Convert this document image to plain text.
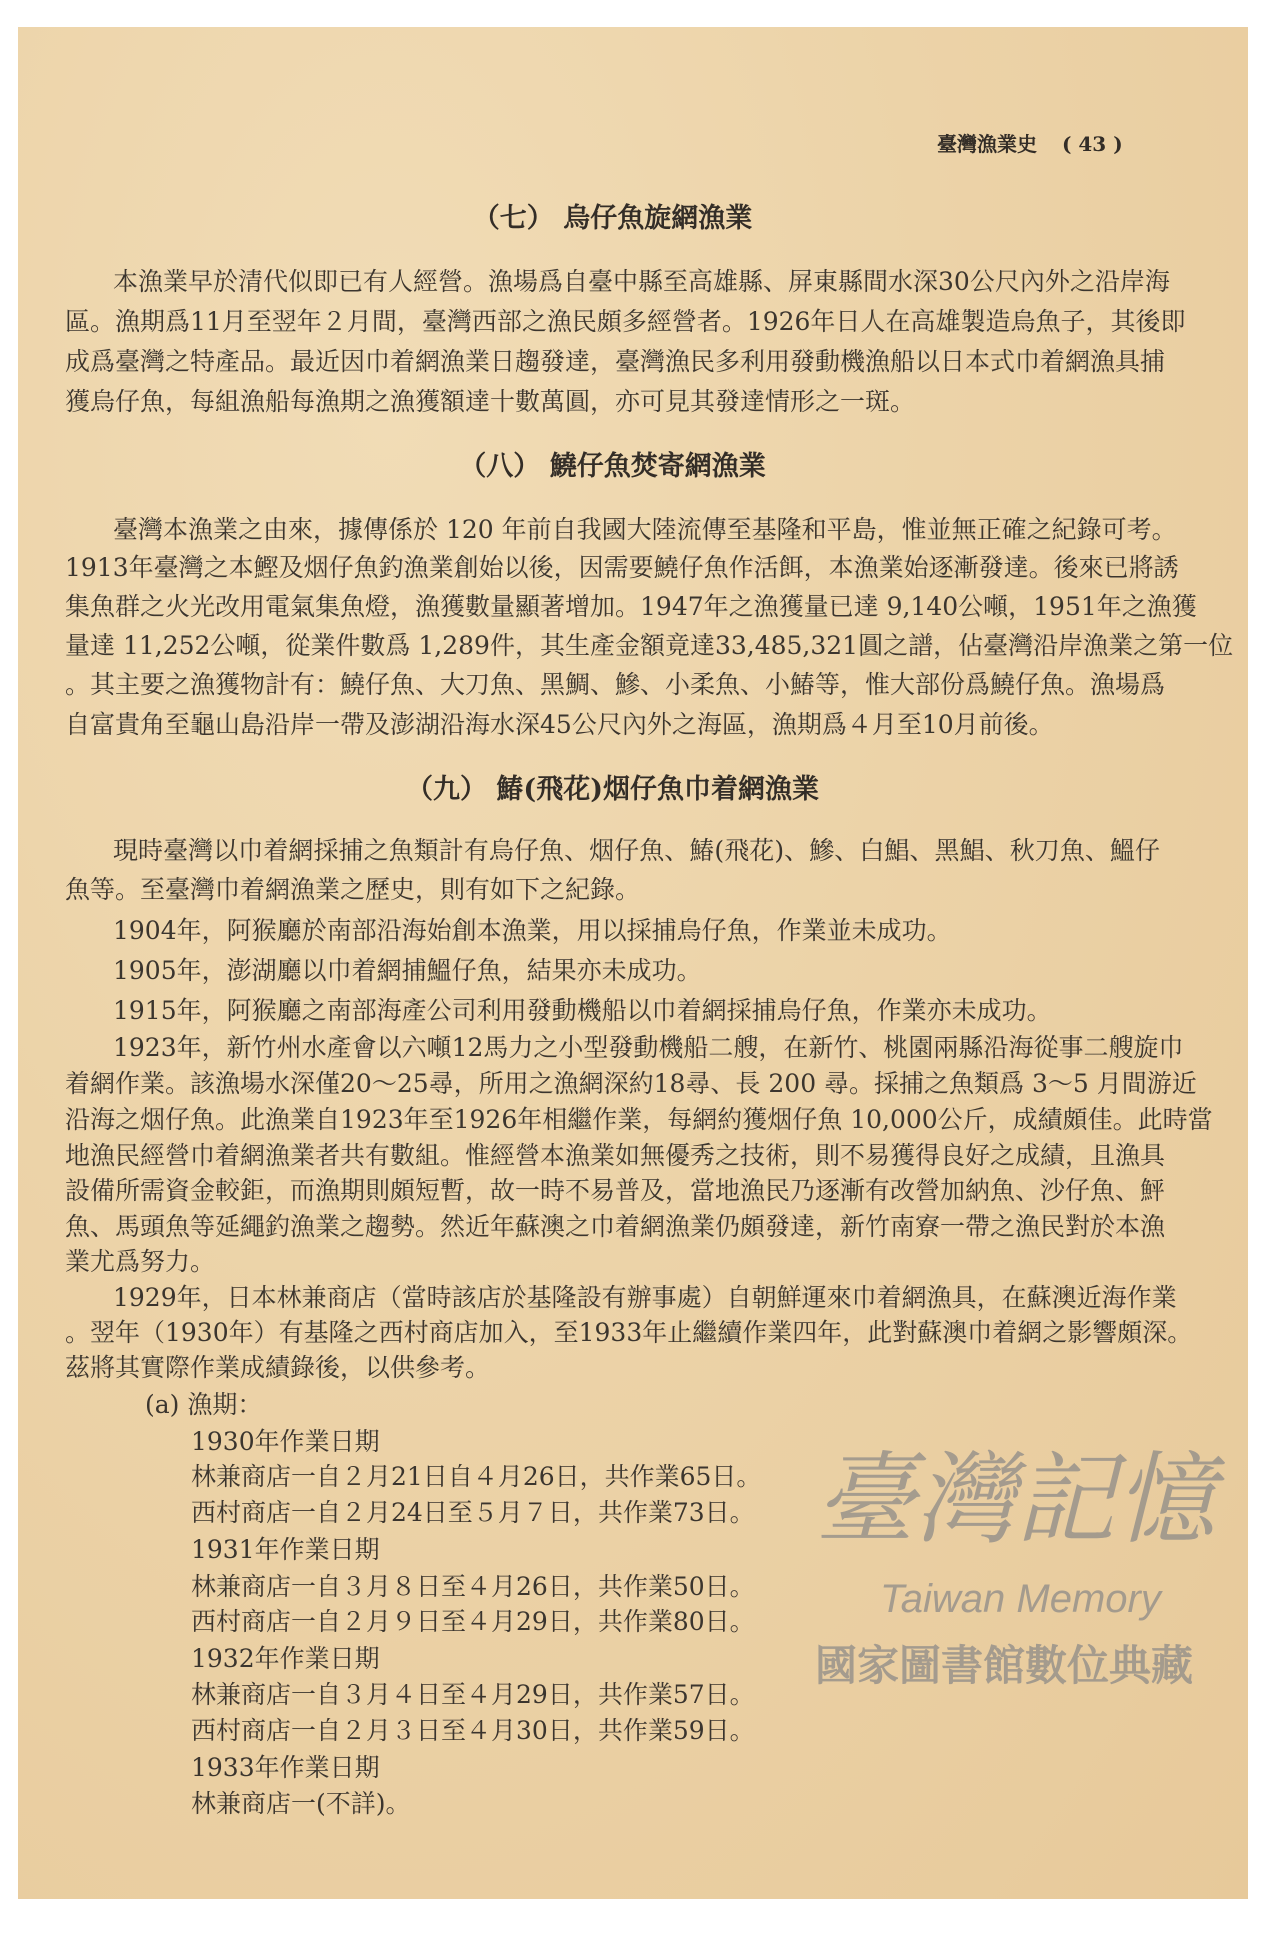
臺灣漁業史 ( 43 )
（七） 烏仔魚旋網漁業
本漁業早於清代似即已有人經營。漁場爲自臺中縣至高雄縣、屏東縣間水深30公尺內外之沿岸海
區。漁期爲11月至翌年２月間，臺灣西部之漁民頗多經營者。1926年日人在高雄製造烏魚子，其後即
成爲臺灣之特產品。最近因巾着網漁業日趨發達，臺灣漁民多利用發動機漁船以日本式巾着網漁具捕
獲烏仔魚，每組漁船每漁期之漁獲額達十數萬圓，亦可見其發達情形之一斑。
（八） 鱙仔魚焚寄網漁業
臺灣本漁業之由來，據傳係於 120 年前自我國大陸流傳至基隆和平島，惟並無正確之紀錄可考。
1913年臺灣之本鰹及烟仔魚釣漁業創始以後，因需要鱙仔魚作活餌，本漁業始逐漸發達。後來已將誘
集魚群之火光改用電氣集魚燈，漁獲數量顯著增加。1947年之漁獲量已達 9,140公噸，1951年之漁獲
量達 11,252公噸，從業件數爲 1,289件，其生產金額竟達33,485,321圓之譜，佔臺灣沿岸漁業之第一位
。其主要之漁獲物計有：鱙仔魚、大刀魚、黑鯛、鰺、小柔魚、小鰆等，惟大部份爲鱙仔魚。漁場爲
自富貴角至龜山島沿岸一帶及澎湖沿海水深45公尺內外之海區，漁期爲４月至10月前後。
（九） 鰆(飛花)烟仔魚巾着網漁業
現時臺灣以巾着網採捕之魚類計有烏仔魚、烟仔魚、鰆(飛花)、鰺、白鯧、黑鯧、秋刀魚、鰮仔
魚等。至臺灣巾着網漁業之歷史，則有如下之紀錄。
1904年，阿猴廳於南部沿海始創本漁業，用以採捕烏仔魚，作業並未成功。
1905年，澎湖廳以巾着網捕鰮仔魚，結果亦未成功。
1915年，阿猴廳之南部海產公司利用發動機船以巾着網採捕烏仔魚，作業亦未成功。
1923年，新竹州水產會以六噸12馬力之小型發動機船二艘，在新竹、桃園兩縣沿海從事二艘旋巾
着網作業。該漁場水深僅20～25尋，所用之漁網深約18尋、長 200 尋。採捕之魚類爲 3～5 月間游近
沿海之烟仔魚。此漁業自1923年至1926年相繼作業，每網約獲烟仔魚 10,000公斤，成績頗佳。此時當
地漁民經營巾着網漁業者共有數組。惟經營本漁業如無優秀之技術，則不易獲得良好之成績，且漁具
設備所需資金較鉅，而漁期則頗短暫，故一時不易普及，當地漁民乃逐漸有改營加納魚、沙仔魚、鮃
魚、馬頭魚等延繩釣漁業之趨勢。然近年蘇澳之巾着網漁業仍頗發達，新竹南寮一帶之漁民對於本漁
業尤爲努力。
1929年，日本林兼商店（當時該店於基隆設有辦事處）自朝鮮運來巾着網漁具，在蘇澳近海作業
。翌年（1930年）有基隆之西村商店加入，至1933年止繼續作業四年，此對蘇澳巾着網之影響頗深。
茲將其實際作業成績錄後，以供參考。
(a) 漁期：
1930年作業日期
林兼商店一自２月21日自４月26日，共作業65日。
西村商店一自２月24日至５月７日，共作業73日。
1931年作業日期
林兼商店一自３月８日至４月26日，共作業50日。
西村商店一自２月９日至４月29日，共作業80日。
1932年作業日期
林兼商店一自３月４日至４月29日，共作業57日。
西村商店一自２月３日至４月30日，共作業59日。
1933年作業日期
林兼商店一(不詳)。
臺灣記憶
Taiwan Memory
國家圖書館數位典藏
